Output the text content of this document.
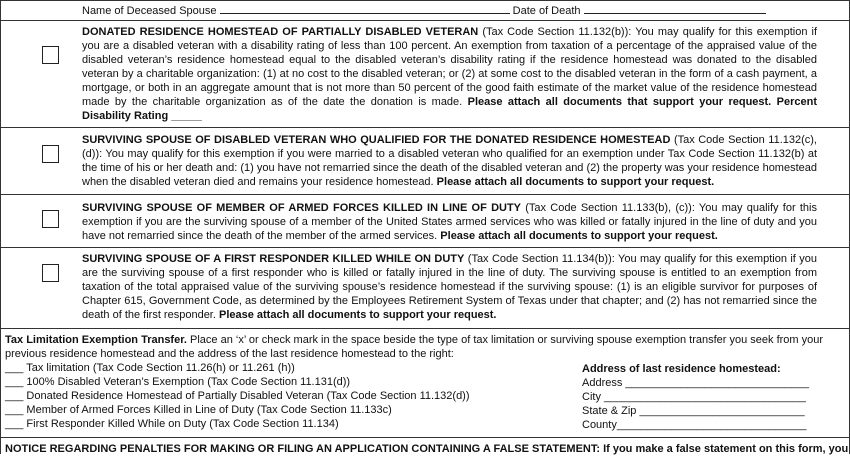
Name of Deceased Spouse	Date of Death
DONATED RESIDENCE HOMESTEAD OF PARTIALLY DISABLED VETERAN (Tax Code Section 11.132(b)): You may qualify for this exemption if you are a disabled veteran with a disability rating of less than 100 percent. An exemption from taxation of a percentage of the appraised value of the disabled veteran’s residence homestead equal to the disabled veteran’s disability rating if the residence homestead was donated to the disabled veteran by a charitable organization: (1) at no cost to the disabled veteran; or (2) at some cost to the disabled veteran in the form of a cash payment, a mortgage, or both in an aggregate amount that is not more than 50 percent of the good faith estimate of the market value of the residence homestead made by the charitable organization as of the date the donation is made. Please attach all documents that support your request. Percent Disability Rating _____
SURVIVING SPOUSE OF DISABLED VETERAN WHO QUALIFIED FOR THE DONATED RESIDENCE HOMESTEAD (Tax Code Section 11.132(c), (d)): You may qualify for this exemption if you were married to a disabled veteran who qualified for an exemption under Tax Code Section 11.132(b) at the time of his or her death and: (1) you have not remarried since the death of the disabled veteran and (2) the property was your residence homestead when the disabled veteran died and remains your residence homestead. Please attach all documents to support your request.
SURVIVING SPOUSE OF MEMBER OF ARMED FORCES KILLED IN LINE OF DUTY (Tax Code Section 11.133(b), (c)): You may qualify for this exemption if you are the surviving spouse of a member of the United States armed services who was killed or fatally injured in the line of duty and you have not remarried since the death of the member of the armed services. Please attach all documents to support your request.
SURVIVING SPOUSE OF A FIRST RESPONDER KILLED WHILE ON DUTY (Tax Code Section 11.134(b)): You may qualify for this exemption if you are the surviving spouse of a first responder who is killed or fatally injured in the line of duty. The surviving spouse is entitled to an exemption from taxation of the total appraised value of the surviving spouse’s residence homestead if the surviving spouse: (1) is an eligible survivor for purposes of Chapter 615, Government Code, as determined by the Employees Retirement System of Texas under that chapter; and (2) has not remarried since the death of the first responder. Please attach all documents to support your request.

Tax Limitation Exemption Transfer. Place an ‘x’ or check mark in the space beside the type of tax limitation or surviving spouse exemption transfer you seek from your previous residence homestead and the address of the last residence homestead to the right:

___ Tax limitation (Tax Code Section 11.26(h) or 11.261 (h))

___ 100% Disabled Veteran’s Exemption (Tax Code Section 11.131(d))

___ Donated Residence Homestead of Partially Disabled Veteran (Tax Code Section 11.132(d))

___ Member of Armed Forces Killed in Line of Duty (Tax Code Section 11.133c)

___ First Responder Killed While on Duty (Tax Code Section 11.134)

Address of last residence homestead:

Address ______________________________

City _________________________________

State & Zip ___________________________

County_______________________________

NOTICE REGARDING PENALTIES FOR MAKING OR FILING AN APPLICATION CONTAINING A FALSE STATEMENT: If you make a false statement on this form, you
